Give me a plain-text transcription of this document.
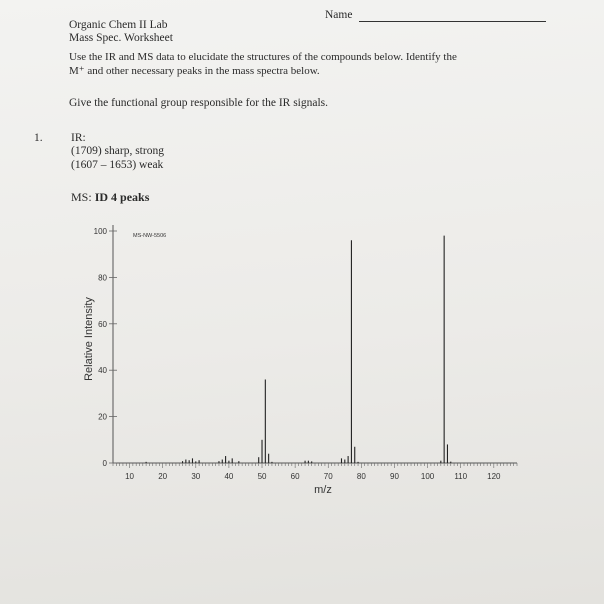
Name
Organic Chem II Lab
Mass Spec. Worksheet
Use the IR and MS data to elucidate the structures of the compounds below. Identify the
M⁺ and other necessary peaks in the mass spectra below.
Give the functional group responsible for the IR signals.
1. IR:
(1709) sharp, strong
(1607 – 1653) weak
MS: ID 4 peaks
10	20	30	40	50	60	70	80	90	100	110	120
0
20
40
60
80
100
m/z
Relative Intensity
MS-NW-5506
